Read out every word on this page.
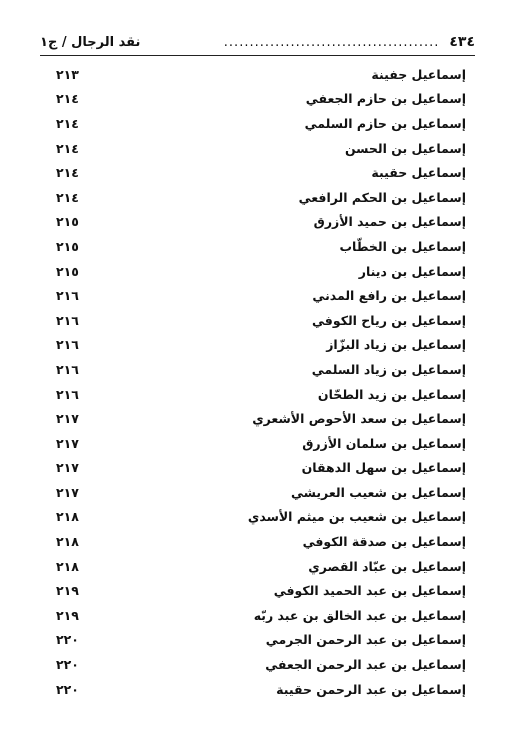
٤٣٤
..........................................
نقد الرجال / ج١
إسماعيل جفينة
٢١٣
إسماعيل بن حازم الجعفي
٢١٤
إسماعيل بن حازم السلمي
٢١٤
إسماعيل بن الحسن
٢١٤
إسماعيل حقيبة
٢١٤
إسماعيل بن الحكم الرافعي
٢١٤
إسماعيل بن حميد الأزرق
٢١٥
إسماعيل بن الخطّاب
٢١٥
إسماعيل بن دينار
٢١٥
إسماعيل بن رافع المدني
٢١٦
إسماعيل بن رياح الكوفي
٢١٦
إسماعيل بن زياد البزّاز
٢١٦
إسماعيل بن زياد السلمي
٢١٦
إسماعيل بن زيد الطحّان
٢١٦
إسماعيل بن سعد الأحوص الأشعري
٢١٧
إسماعيل بن سلمان الأزرق
٢١٧
إسماعيل بن سهل الدهقان
٢١٧
إسماعيل بن شعيب العريشي
٢١٧
إسماعيل بن شعيب بن ميثم الأسدي
٢١٨
إسماعيل بن صدقة الكوفي
٢١٨
إسماعيل بن عبّاد القصري
٢١٨
إسماعيل بن عبد الحميد الكوفي
٢١٩
إسماعيل بن عبد الخالق بن عبد ربّه
٢١٩
إسماعيل بن عبد الرحمن الجرمي
٢٢٠
إسماعيل بن عبد الرحمن الجعفي
٢٢٠
إسماعيل بن عبد الرحمن حقيبة
٢٢٠
